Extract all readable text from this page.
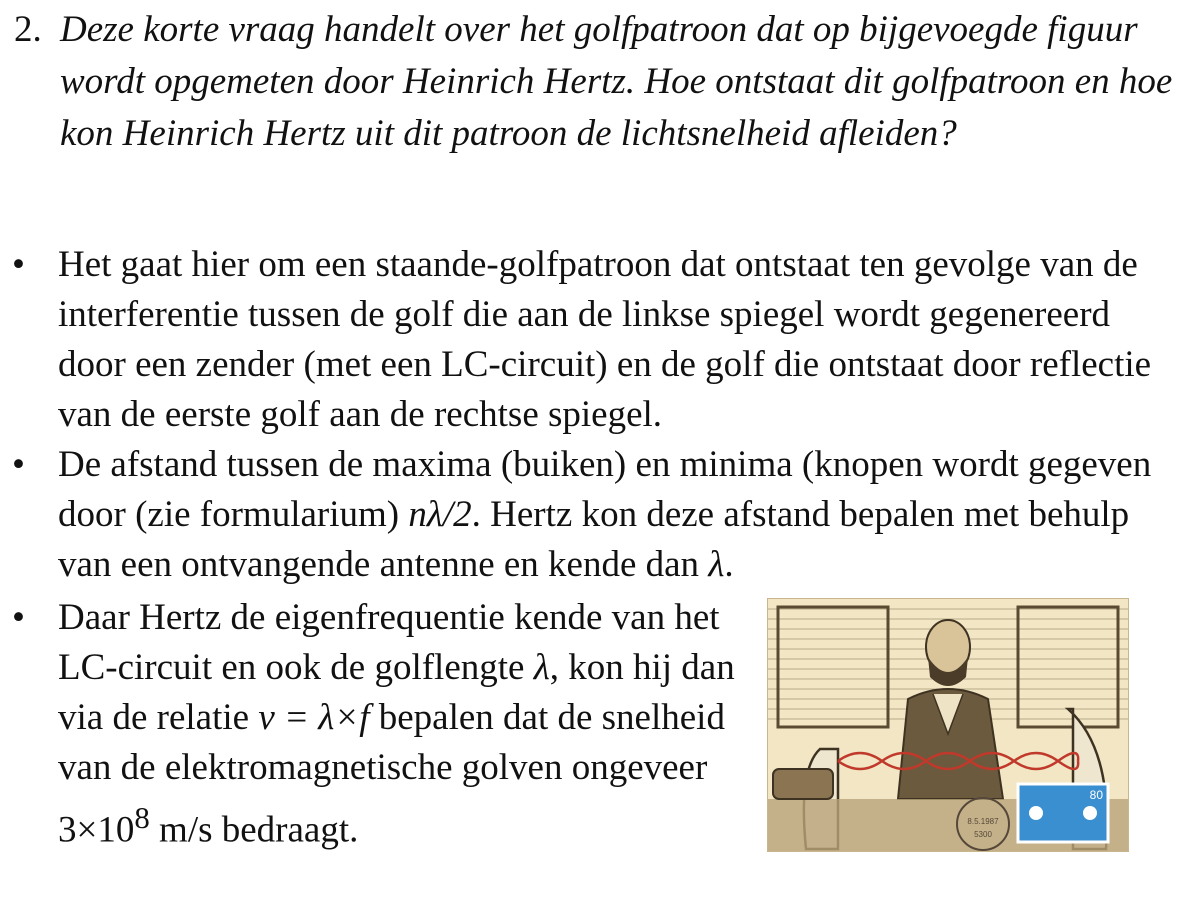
2. Deze korte vraag handelt over het golfpatroon dat op bijgevoegde figuur wordt opgemeten door Heinrich Hertz. Hoe ontstaat dit golfpatroon en hoe kon Heinrich Hertz uit dit patroon de lichtsnelheid afleiden?
• Het gaat hier om een staande-golfpatroon dat ontstaat ten gevolge van de interferentie tussen de golf die aan de linkse spiegel wordt gegenereerd door een zender (met een LC-circuit) en de golf die ontstaat door reflectie van de eerste golf aan de rechtse spiegel.
• De afstand tussen de maxima (buiken) en minima (knopen wordt gegeven door (zie formularium) nλ/2. Hertz kon deze afstand bepalen met behulp van een ontvangende antenne en kende dan λ.
• Daar Hertz de eigenfrequentie kende van het LC-circuit en ook de golflengte λ, kon hij dan via de relatie v = λ×f bepalen dat de snelheid van de elektromagnetische golven ongeveer $3\times 10^8$ m/s bedraagt.	8.5.1987
5300
80
